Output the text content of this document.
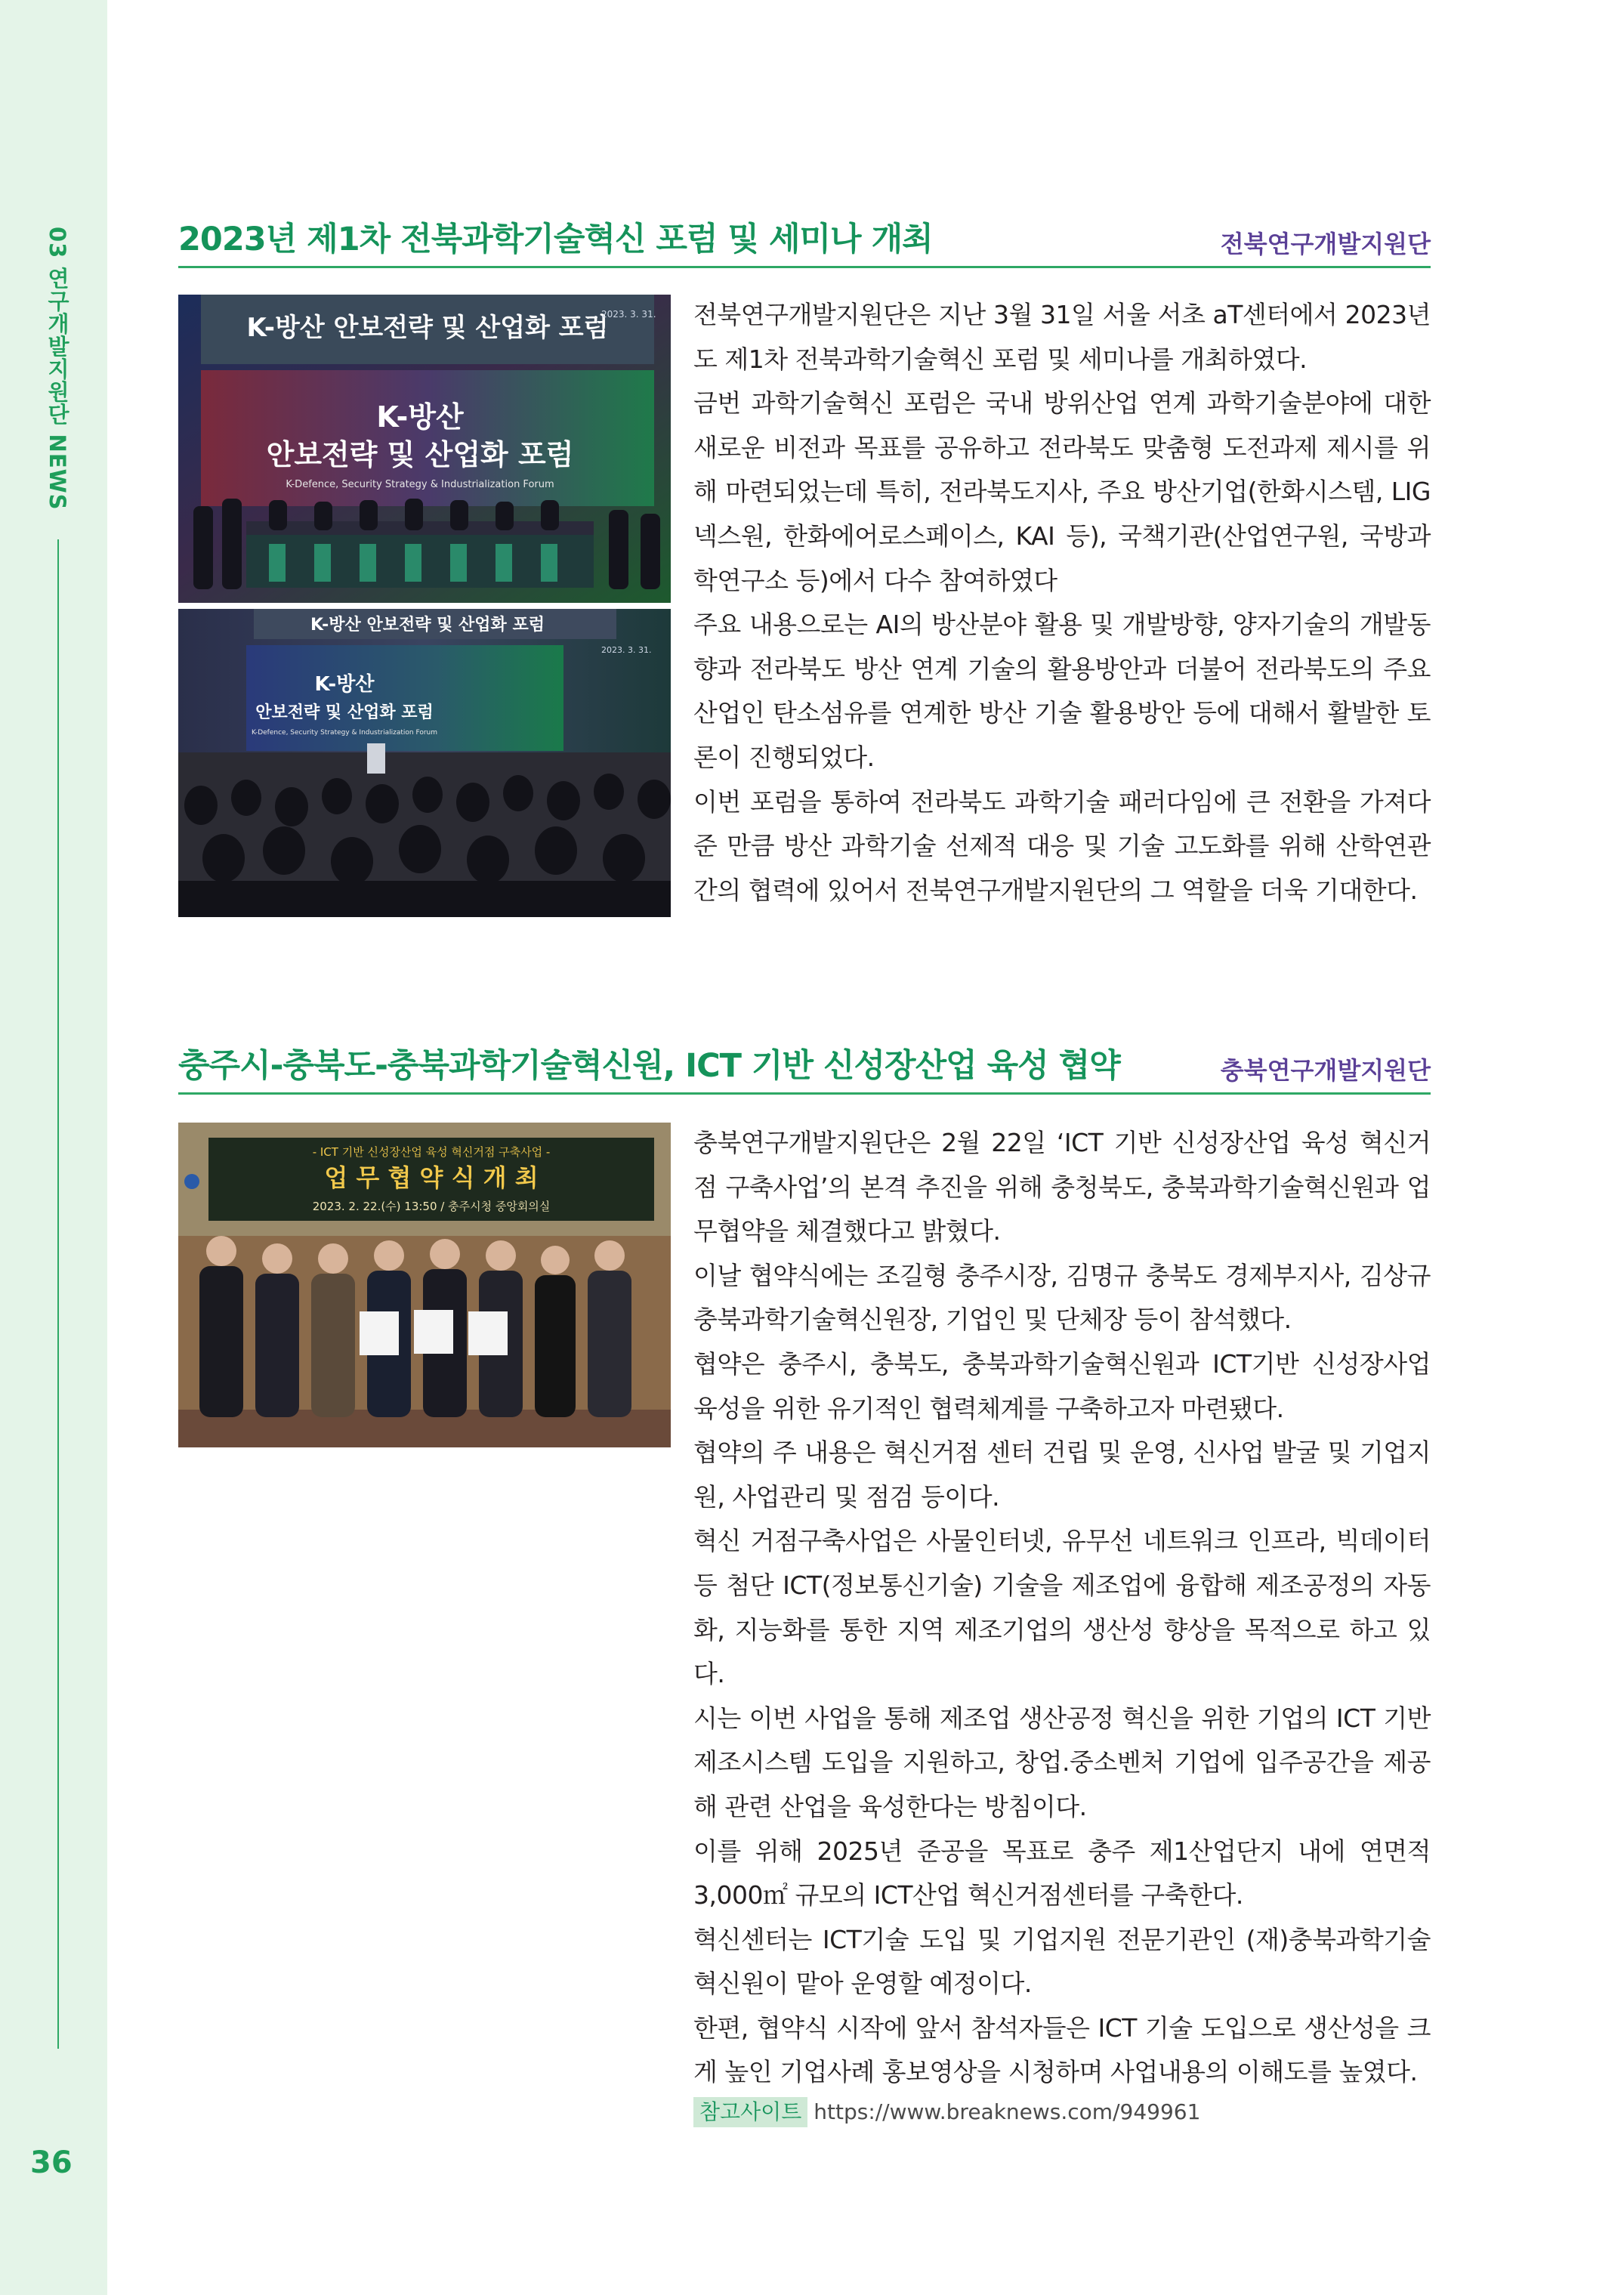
03 연구개발지원단 NEWS
36
2023년 제1차 전북과학기술혁신 포럼 및 세미나 개최	전북연구개발지원단
K-방산 안보전략 및 산업화 포럼
2023. 3. 31.
K-방산
안보전략 및 산업화 포럼
K-Defence, Security Strategy & Industrialization Forum
K-방산 안보전략 및 산업화 포럼
2023. 3. 31.
K-방산
안보전략 및 산업화 포럼
K-Defence, Security Strategy & Industrialization Forum

전북연구개발지원단은 지난 3월 31일 서울 서초 aT센터에서 2023년도 제1차 전북과학기술혁신 포럼 및 세미나를 개최하였다.

금번 과학기술혁신 포럼은 국내 방위산업 연계 과학기술분야에 대한 새로운 비전과 목표를 공유하고 전라북도 맞춤형 도전과제 제시를 위해 마련되었는데 특히, 전라북도지사, 주요 방산기업(한화시스템, LIG 넥스원, 한화에어로스페이스, KAI 등), 국책기관(산업연구원, 국방과학연구소 등)에서 다수 참여하였다

주요 내용으로는 AI의 방산분야 활용 및 개발방향, 양자기술의 개발동향과 전라북도 방산 연계 기술의 활용방안과 더불어 전라북도의 주요 산업인 탄소섬유를 연계한 방산 기술 활용방안 등에 대해서 활발한 토론이 진행되었다.

이번 포럼을 통하여 전라북도 과학기술 패러다임에 큰 전환을 가져다 준 만큼 방산 과학기술 선제적 대응 및 기술 고도화를 위해 산학연관 간의 협력에 있어서 전북연구개발지원단의 그 역할을 더욱 기대한다.

충주시-충북도-충북과학기술혁신원, ICT 기반 신성장산업 육성 협약	충북연구개발지원단
- ICT 기반 신성장산업 육성 혁신거점 구축사업 -
업 무 협 약 식 개 최
2023. 2. 22.(수) 13:50 / 충주시청 중앙회의실

충북연구개발지원단은 2월 22일 ‘ICT 기반 신성장산업 육성 혁신거점 구축사업’의 본격 추진을 위해 충청북도, 충북과학기술혁신원과 업무협약을 체결했다고 밝혔다.

이날 협약식에는 조길형 충주시장, 김명규 충북도 경제부지사, 김상규 충북과학기술혁신원장, 기업인 및 단체장 등이 참석했다.

협약은 충주시, 충북도, 충북과학기술혁신원과 ICT기반 신성장사업 육성을 위한 유기적인 협력체계를 구축하고자 마련됐다.

협약의 주 내용은 혁신거점 센터 건립 및 운영, 신사업 발굴 및 기업지원, 사업관리 및 점검 등이다.

혁신 거점구축사업은 사물인터넷, 유무선 네트워크 인프라, 빅데이터 등 첨단 ICT(정보통신기술) 기술을 제조업에 융합해 제조공정의 자동화, 지능화를 통한 지역 제조기업의 생산성 향상을 목적으로 하고 있다.

시는 이번 사업을 통해 제조업 생산공정 혁신을 위한 기업의 ICT 기반 제조시스템 도입을 지원하고, 창업.중소벤처 기업에 입주공간을 제공해 관련 산업을 육성한다는 방침이다.

이를 위해 2025년 준공을 목표로 충주 제1산업단지 내에 연면적 3,000㎡ 규모의 ICT산업 혁신거점센터를 구축한다.

혁신센터는 ICT기술 도입 및 기업지원 전문기관인 (재)충북과학기술혁신원이 맡아 운영할 예정이다.

한편, 협약식 시작에 앞서 참석자들은 ICT 기술 도입으로 생산성을 크게 높인 기업사례 홍보영상을 시청하며 사업내용의 이해도를 높였다.

참고사이트 https://www.breaknews.com/949961
